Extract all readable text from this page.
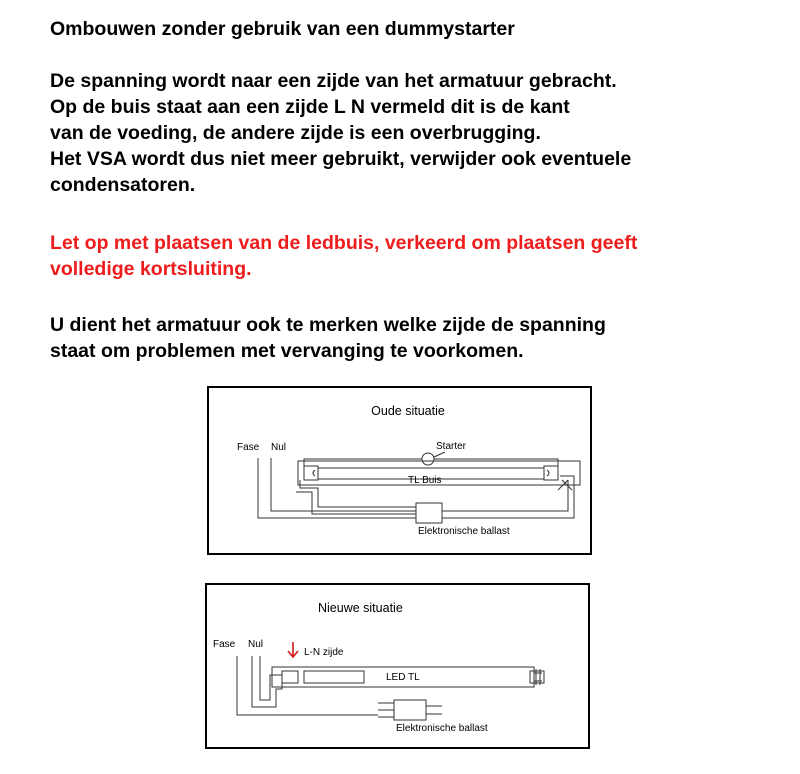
Ombouwen zonder gebruik van een dummystarter

De spanning wordt naar een zijde van het armatuur gebracht.

Op de buis staat aan een zijde L N vermeld dit is de kant

van de voeding, de andere zijde is een overbrugging.

Het VSA wordt dus niet meer gebruikt, verwijder ook eventuele

condensatoren.

Let op met plaatsen van de ledbuis, verkeerd om plaatsen geeft

volledige kortsluiting.

U dient het armatuur ook te merken welke zijde de spanning

staat om problemen met vervanging te voorkomen.

Oude situatie
Fase Nul	Starter
TL Buis
Elektronische ballast
Nieuwe situatie
Fase Nul
L-N zijde
LED TL
Elektronische ballast
